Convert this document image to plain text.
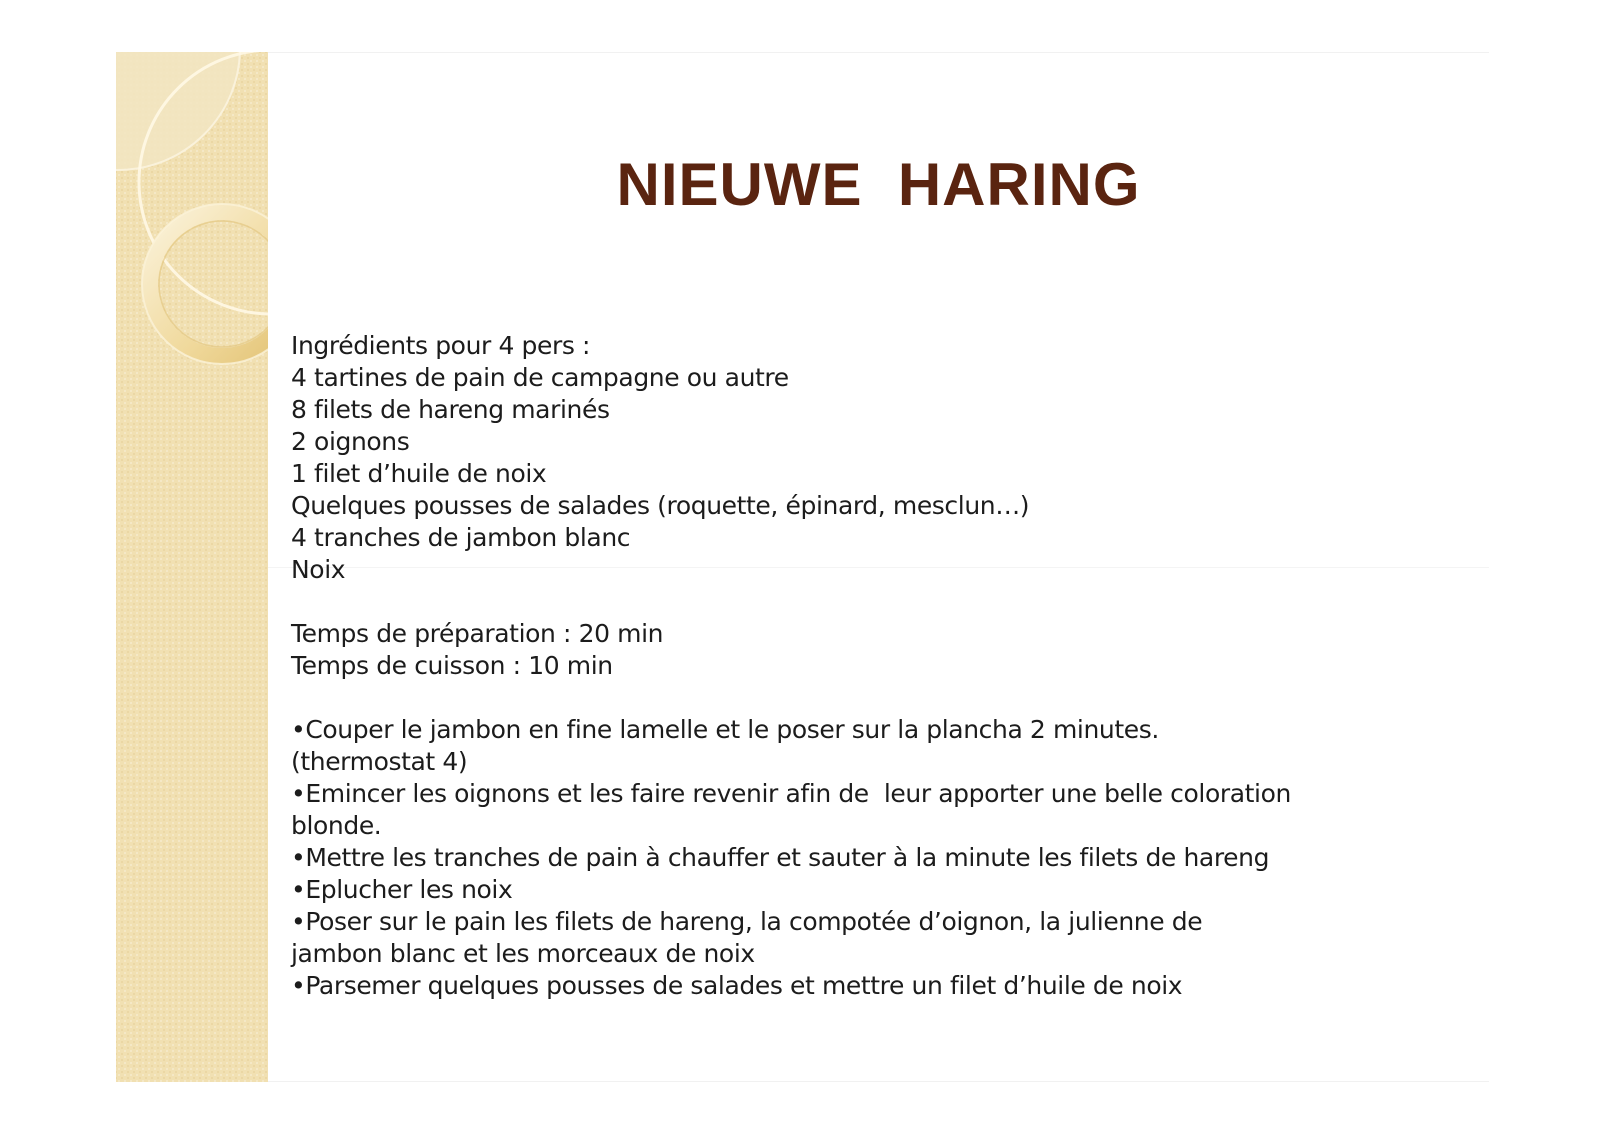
NIEUWE  HARING
Ingrédients pour 4 pers :
4 tartines de pain de campagne ou autre
8 filets de hareng marinés
2 oignons
1 filet d’huile de noix
Quelques pousses de salades (roquette, épinard, mesclun…)
4 tranches de jambon blanc
Noix
Temps de préparation : 20 min
Temps de cuisson : 10 min
•Couper le jambon en fine lamelle et le poser sur la plancha 2 minutes.
(thermostat 4)
•Emincer les oignons et les faire revenir afin de  leur apporter une belle coloration
blonde.
•Mettre les tranches de pain à chauffer et sauter à la minute les filets de hareng
•Eplucher les noix
•Poser sur le pain les filets de hareng, la compotée d’oignon, la julienne de
jambon blanc et les morceaux de noix
•Parsemer quelques pousses de salades et mettre un filet d’huile de noix
